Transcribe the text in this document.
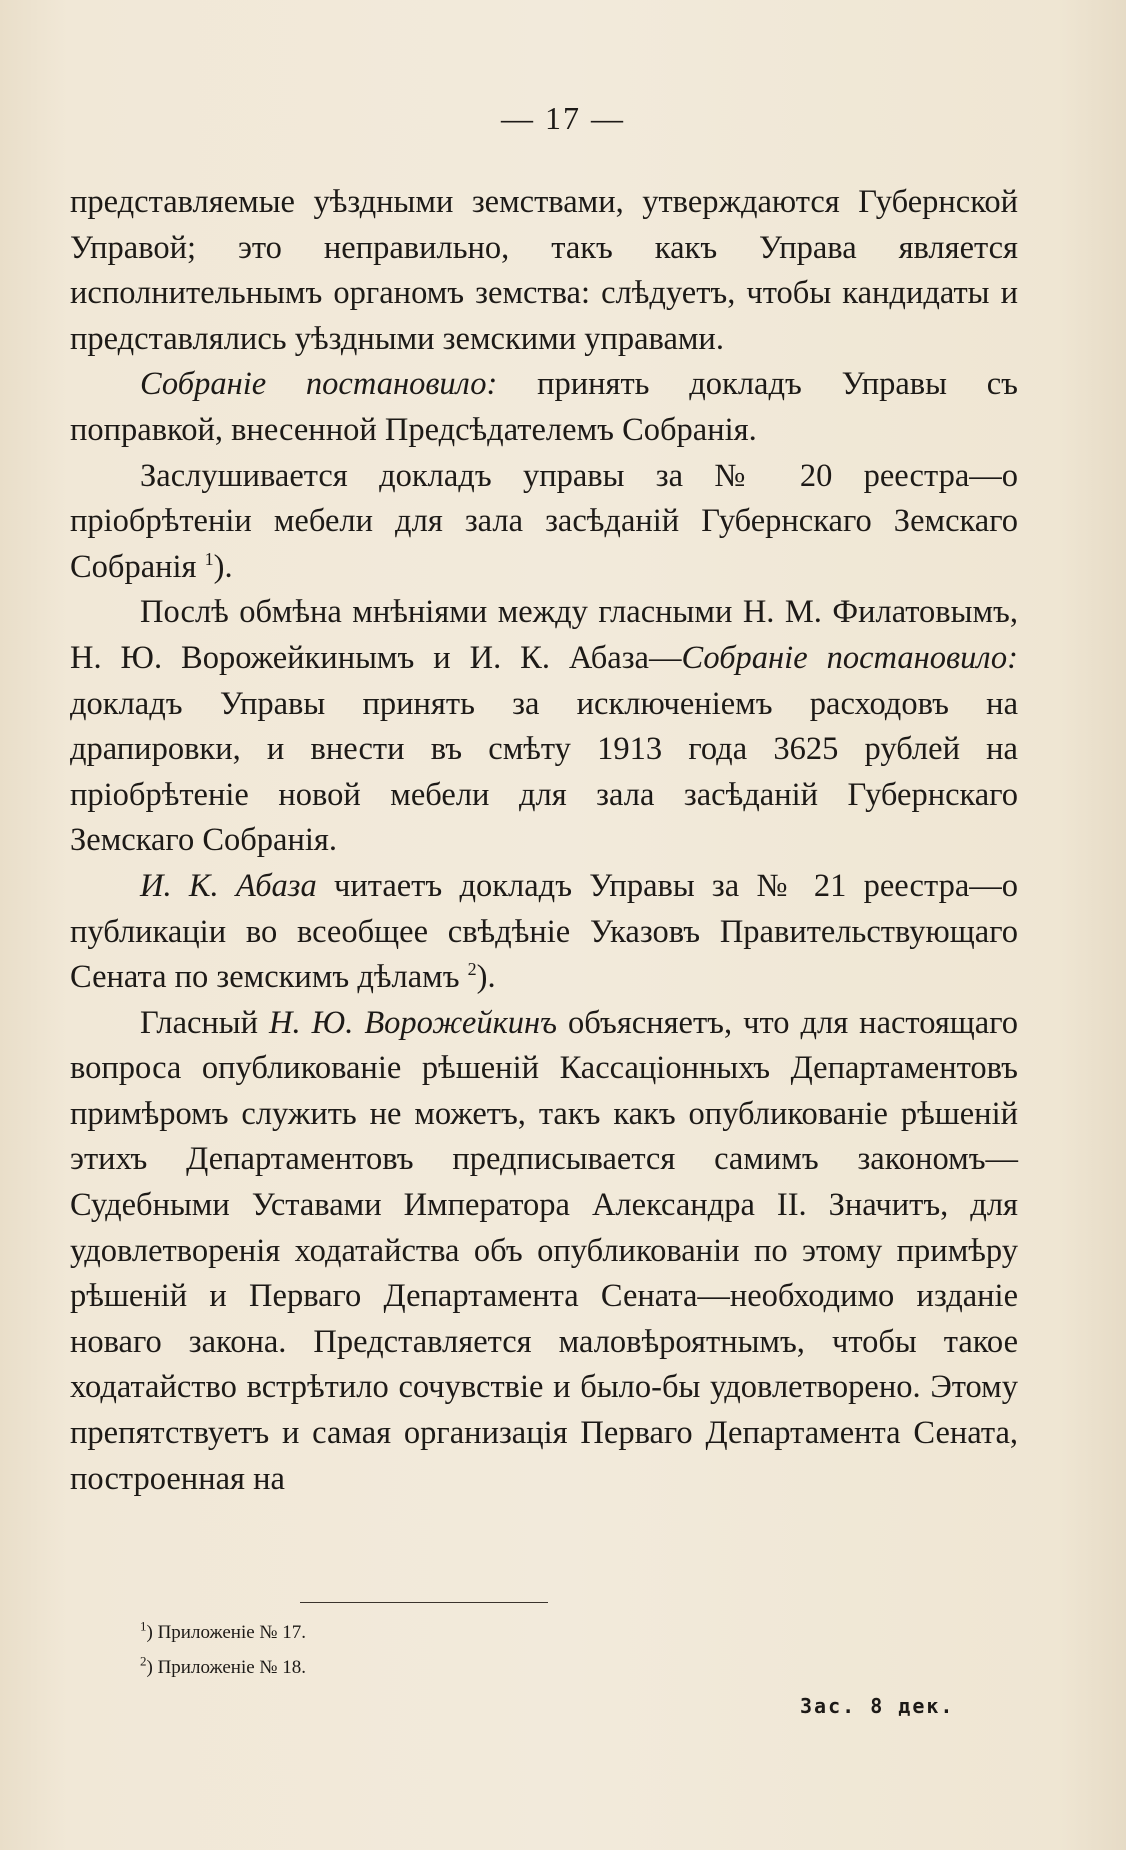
— 17 —

представляемые уѣздными земствами, утверждаются Губернской Управой; это неправильно, такъ какъ Управа является исполнительнымъ органомъ земства: слѣдуетъ, чтобы кандидаты и представлялись уѣздными земскими управами.

Собраніе постановило: принять докладъ Управы съ поправкой, внесенной Предсѣдателемъ Собранія.

Заслушивается докладъ управы за № 20 реестра—о пріобрѣтеніи мебели для зала засѣданій Губернскаго Земскаго Собранія $^1$).

Послѣ обмѣна мнѣніями между гласными Н. М. Филатовымъ, Н. Ю. Ворожейкинымъ и И. К. Абаза—Собраніе постановило: докладъ Управы принять за исключеніемъ расходовъ на драпировки, и внести въ смѣту 1913 года 3625 рублей на пріобрѣтеніе новой мебели для зала засѣданій Губернскаго Земскаго Собранія.

И. К. Абаза читаетъ докладъ Управы за № 21 реестра—о публикаціи во всеобщее свѣдѣніе Указовъ Правительствующаго Сената по земскимъ дѣламъ $^2$).

Гласный Н. Ю. Ворожейкинъ объясняетъ, что для настоящаго вопроса опубликованіе рѣшеній Кассаціонныхъ Департаментовъ примѣромъ служить не можетъ, такъ какъ опубликованіе рѣшеній этихъ Департаментовъ предписывается самимъ закономъ—Судебными Уставами Императора Александра II. Значитъ, для удовлетворенія ходатайства объ опубликованіи по этому примѣру рѣшеній и Перваго Департамента Сената—необходимо изданіе новаго закона. Представляется маловѣроятнымъ, чтобы такое ходатайство встрѣтило сочувствіе и было-бы удовлетворено. Этому препятствуетъ и самая организація Перваго Департамента Сената, построенная на

$^1$) Приложеніе № 17.
$^2$) Приложеніе № 18.
Зас. 8 дек.
